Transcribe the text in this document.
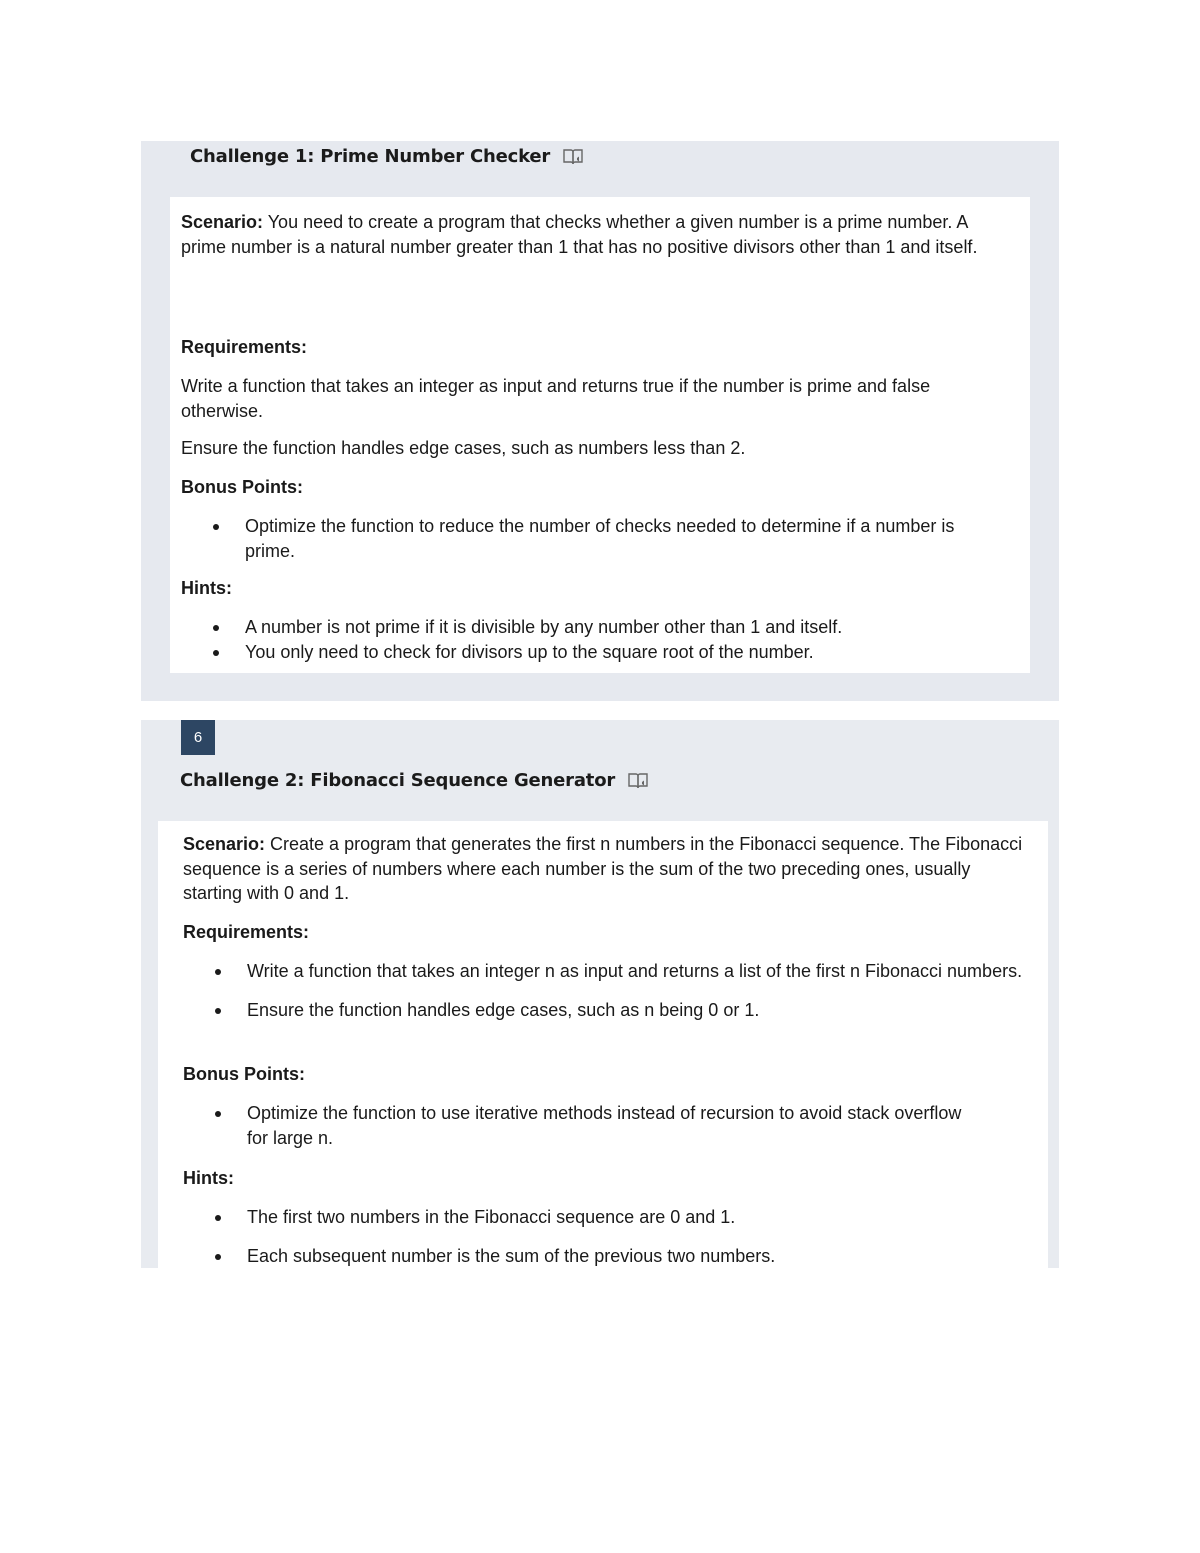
Challenge 1: Prime Number Checker

Scenario: You need to create a program that checks whether a given number is a prime number. A prime number is a natural number greater than 1 that has no positive divisors other than 1 and itself.

Requirements:

Write a function that takes an integer as input and returns true if the number is prime and false otherwise.

Ensure the function handles edge cases, such as numbers less than 2.

Bonus Points:

Optimize the function to reduce the number of checks needed to determine if a number is prime.

Hints:

A number is not prime if it is divisible by any number other than 1 and itself.
You only need to check for divisors up to the square root of the number.
6
Challenge 2: Fibonacci Sequence Generator

Scenario: Create a program that generates the first n numbers in the Fibonacci sequence. The Fibonacci sequence is a series of numbers where each number is the sum of the two preceding ones, usually starting with 0 and 1.

Requirements:

Write a function that takes an integer n as input and returns a list of the first n Fibonacci numbers.
Ensure the function handles edge cases, such as n being 0 or 1.

Bonus Points:

Optimize the function to use iterative methods instead of recursion to avoid stack overflow for large n.

Hints:

The first two numbers in the Fibonacci sequence are 0 and 1.
Each subsequent number is the sum of the previous two numbers.
